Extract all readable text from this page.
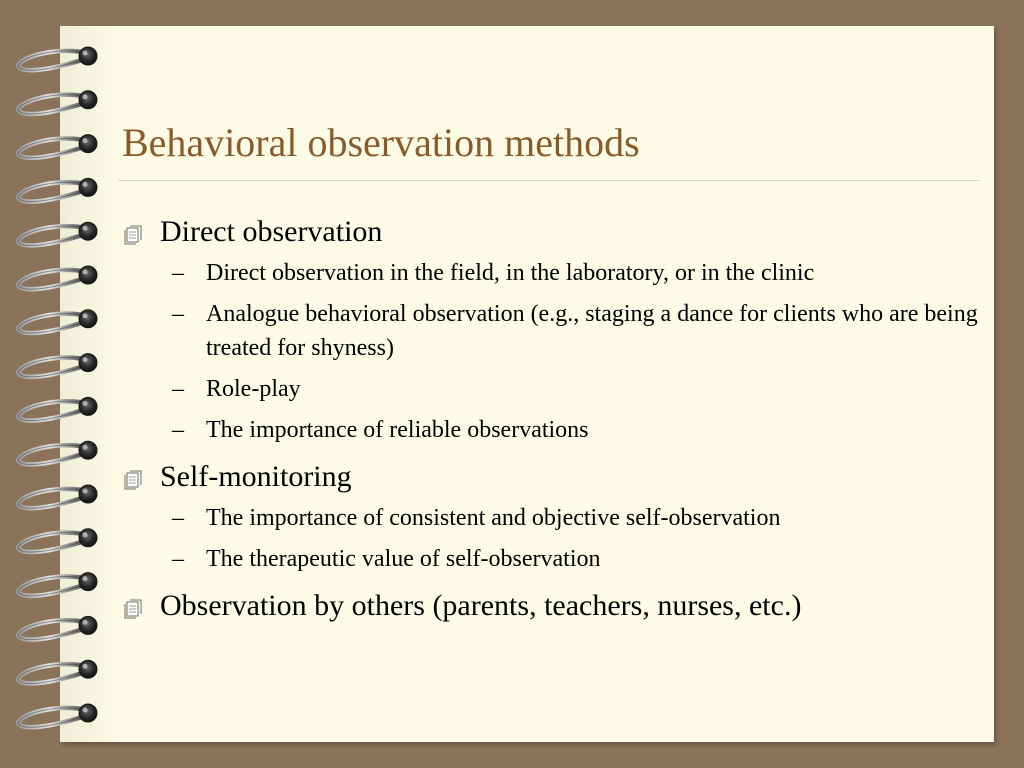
Behavioral observation methods
Direct observation
– Direct observation in the field, in the laboratory, or in the clinic
– Analogue behavioral observation (e.g., staging a dance for clients who are being treated for shyness)
– Role-play
– The importance of reliable observations
Self-monitoring
– The importance of consistent and objective self-observation
– The therapeutic value of self-observation
Observation by others (parents, teachers, nurses, etc.)
